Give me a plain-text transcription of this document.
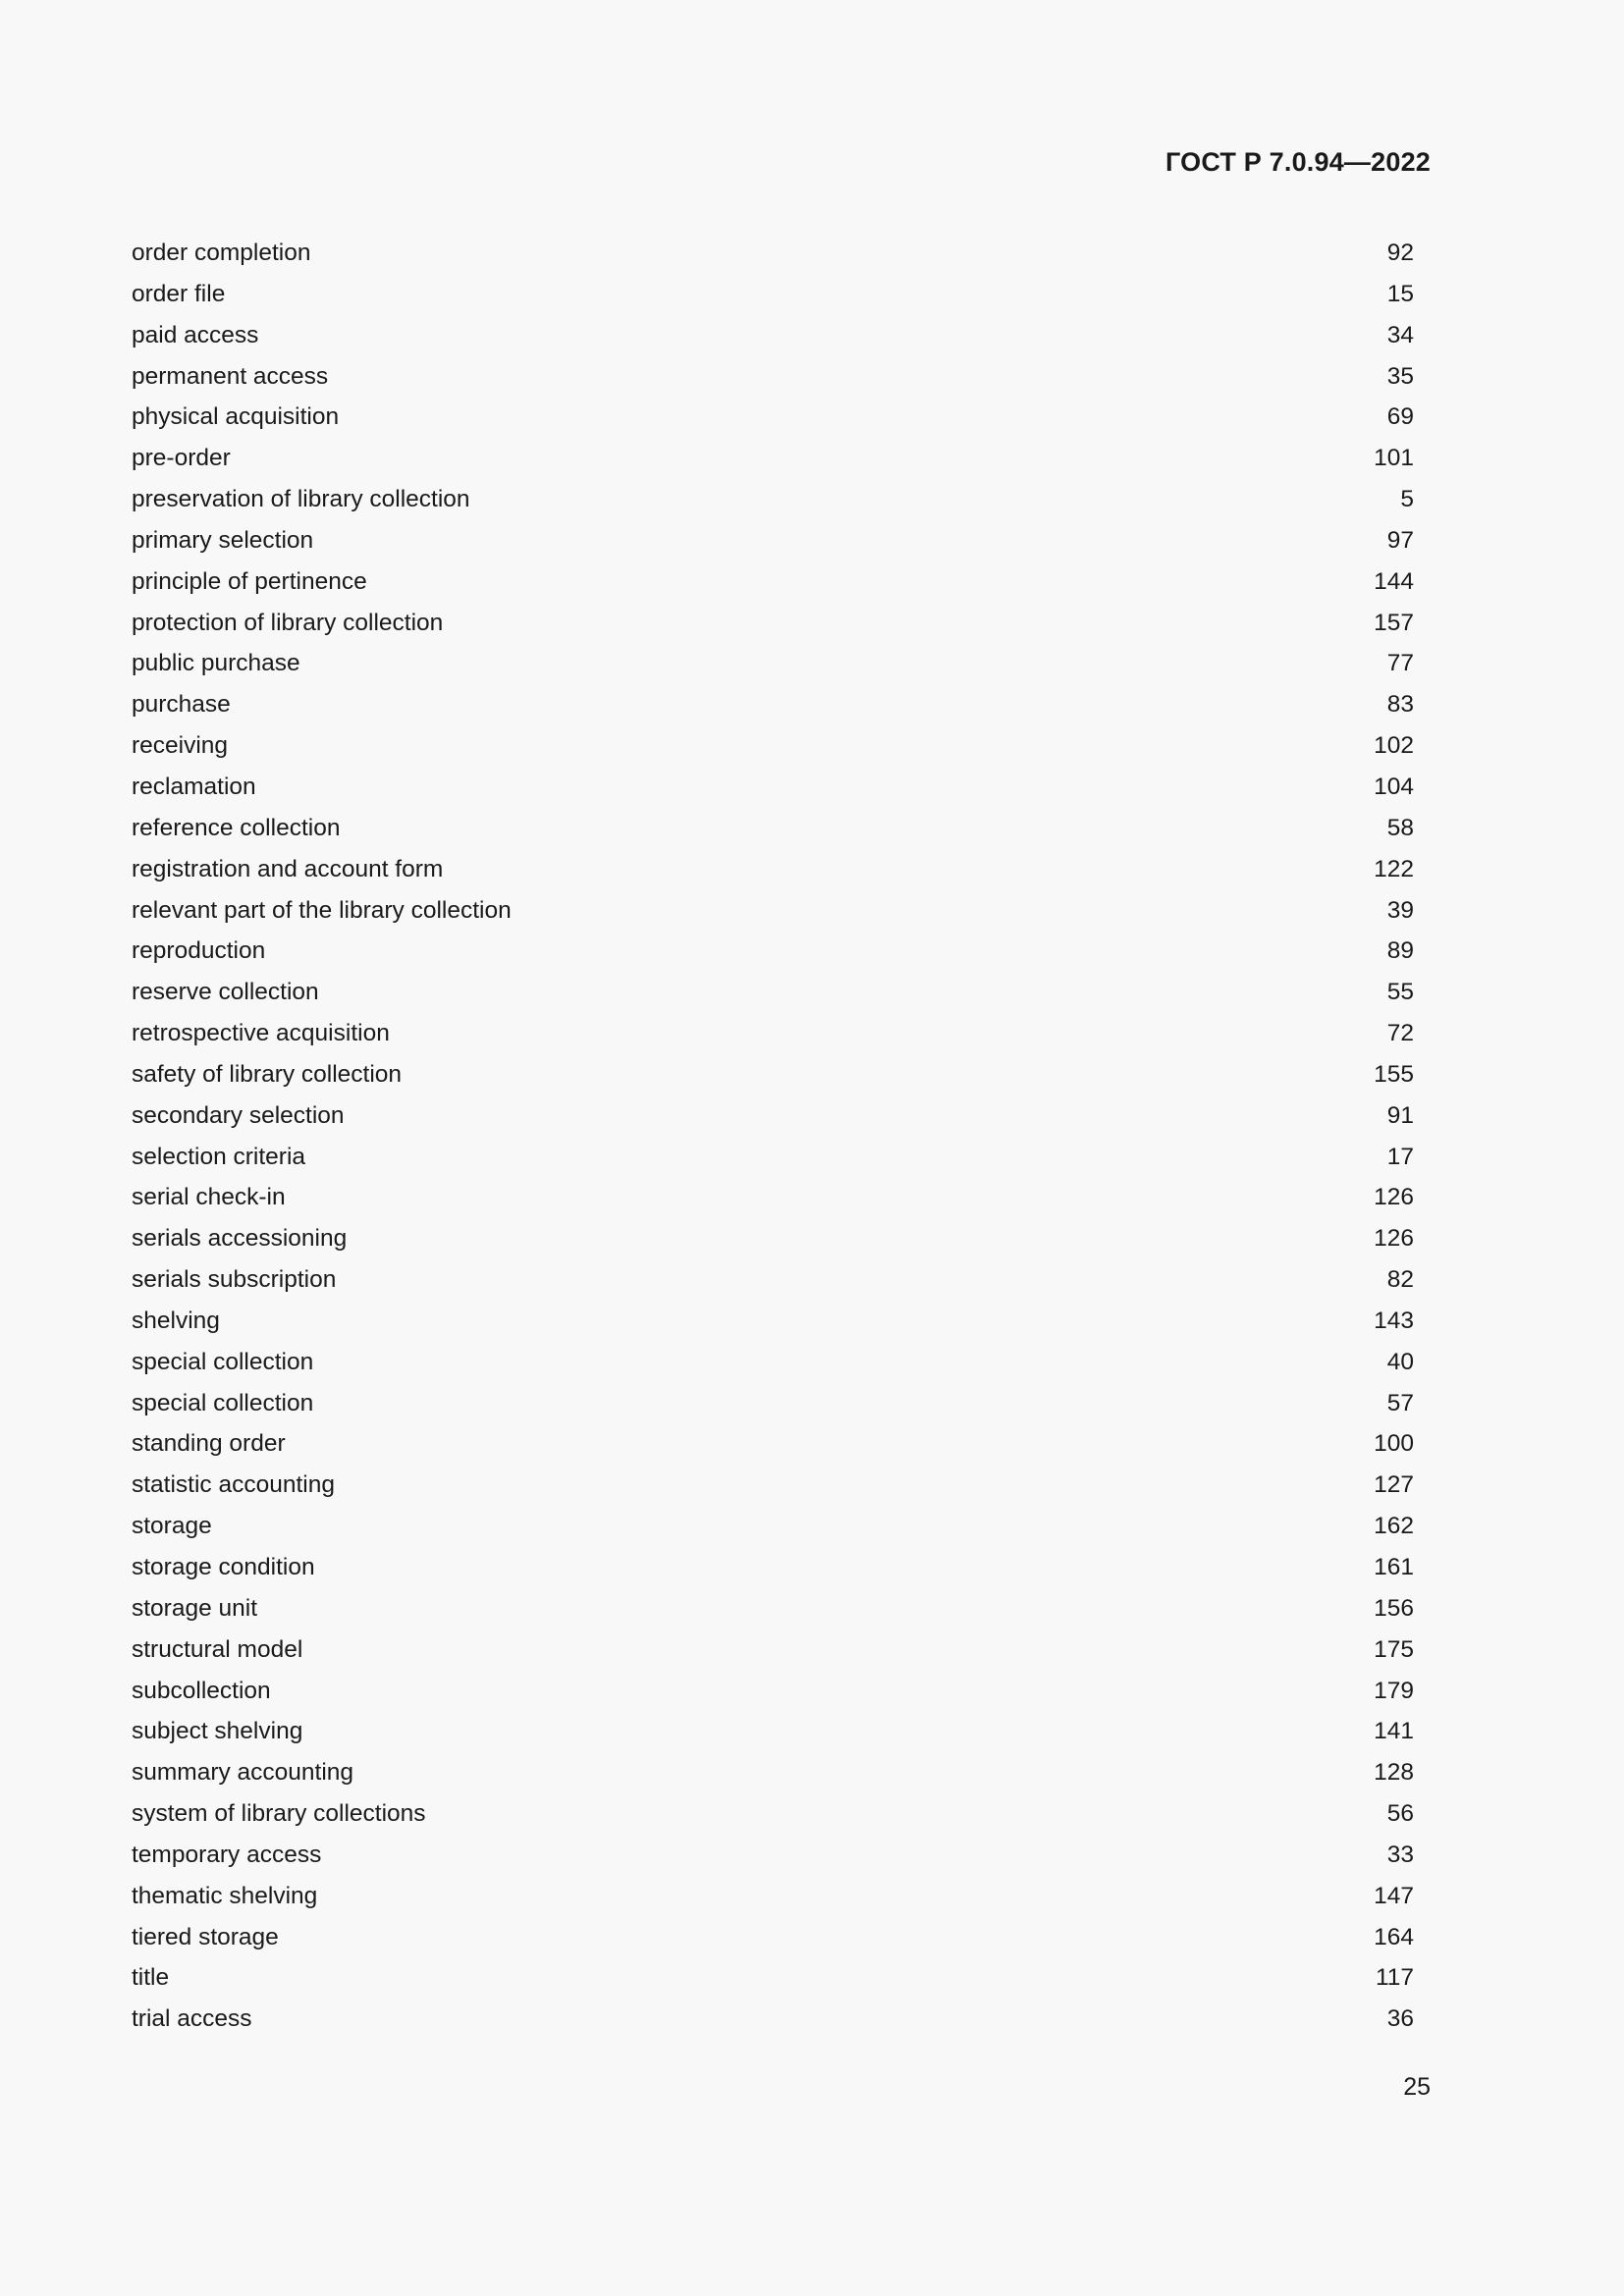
ГОСТ Р 7.0.94—2022
order completion	92
order file	15
paid access	34
permanent access	35
physical acquisition	69
pre-order	101
preservation of library collection	5
primary selection	97
principle of pertinence	144
protection of library collection	157
public purchase	77
purchase	83
receiving	102
reclamation	104
reference collection	58
registration and account form	122
relevant part of the library collection	39
reproduction	89
reserve collection	55
retrospective acquisition	72
safety of library collection	155
secondary selection	91
selection criteria	17
serial check-in	126
serials accessioning	126
serials subscription	82
shelving	143
special collection	40
special collection	57
standing order	100
statistic accounting	127
storage	162
storage condition	161
storage unit	156
structural model	175
subcollection	179
subject shelving	141
summary accounting	128
system of library collections	56
temporary access	33
thematic shelving	147
tiered storage	164
title	117
trial access	36
25
